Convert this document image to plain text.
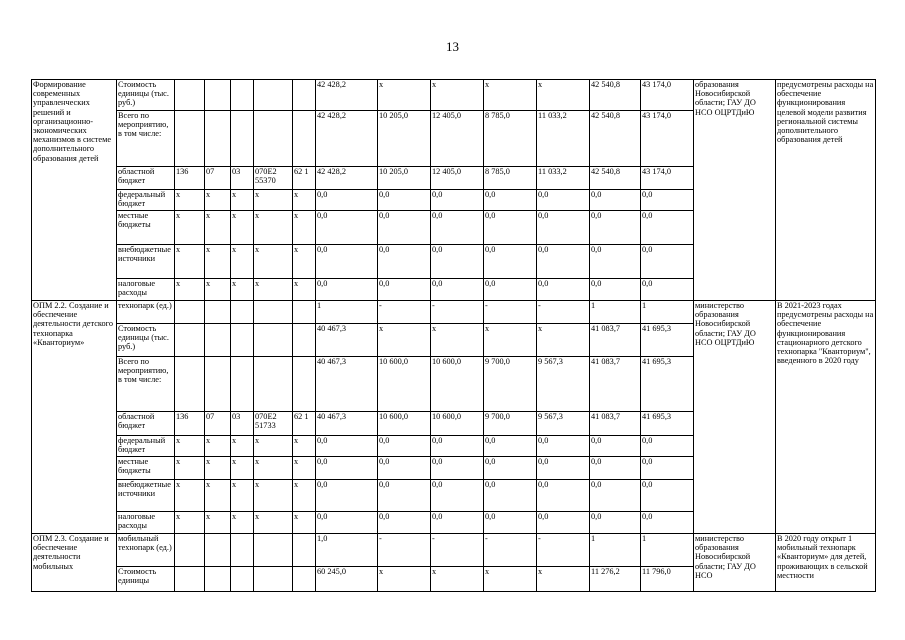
13
Формирование современных управленческих решений и организационно-экономических механизмов в системе дополнительного образования детей	Стоимость единицы (тыс. руб.)						42 428,2	x	x	x	x	42 540,8	43 174,0	образования Новосибирской области; ГАУ ДО НСО ОЦРТДиЮ	предусмотрены расходы на обеспечение функционирования целевой модели развития региональной системы дополнительного образования детей
	Всего по мероприятию, в том числе:						42 428,2	10 205,0	12 405,0	8 785,0	11 033,2	42 540,8	43 174,0		
	областной бюджет	136	07	03	070E2 55370	62 1	42 428,2	10 205,0	12 405,0	8 785,0	11 033,2	42 540,8	43 174,0		
	федеральный бюджет	x	x	x	x	x	0,0	0,0	0,0	0,0	0,0	0,0	0,0		
	местные бюджеты	x	x	x	x	x	0,0	0,0	0,0	0,0	0,0	0,0	0,0		
	внебюджетные источники	x	x	x	x	x	0,0	0,0	0,0	0,0	0,0	0,0	0,0		
	налоговые расходы	x	x	x	x	x	0,0	0,0	0,0	0,0	0,0	0,0	0,0		
ОПМ 2.2. Создание и обеспечение деятельности детского технопарка «Кванториум»	технопарк (ед.)						1	-	-	-	-	1	1	министерство образования Новосибирской области; ГАУ ДО НСО ОЦРТДиЮ	В 2021-2023 годах предусмотрены расходы на обеспечение функционирования стационарного детского технопарка "Кванториум", введенного в 2020 году
	Стоимость единицы (тыс. руб.)						40 467,3	x	x	x	x	41 083,7	41 695,3		
	Всего по мероприятию, в том числе:						40 467,3	10 600,0	10 600,0	9 700,0	9 567,3	41 083,7	41 695,3		
	областной бюджет	136	07	03	070E2 51733	62 1	40 467,3	10 600,0	10 600,0	9 700,0	9 567,3	41 083,7	41 695,3		
	федеральный бюджет	x	x	x	x	x	0,0	0,0	0,0	0,0	0,0	0,0	0,0		
	местные бюджеты	x	x	x	x	x	0,0	0,0	0,0	0,0	0,0	0,0	0,0		
	внебюджетные источники	x	x	x	x	x	0,0	0,0	0,0	0,0	0,0	0,0	0,0		
	налоговые расходы	x	x	x	x	x	0,0	0,0	0,0	0,0	0,0	0,0	0,0		
ОПМ 2.3. Создание и обеспечение деятельности мобильных	мобильный технопарк (ед.)						1,0	-	-	-	-	1	1	министерство образования Новосибирской области; ГАУ ДО НСО	В 2020 году открыт 1 мобильный технопарк «Кванториум» для детей, проживающих в сельской местности
	Стоимость единицы						60 245,0	x	x	x	x	11 276,2	11 796,0		
